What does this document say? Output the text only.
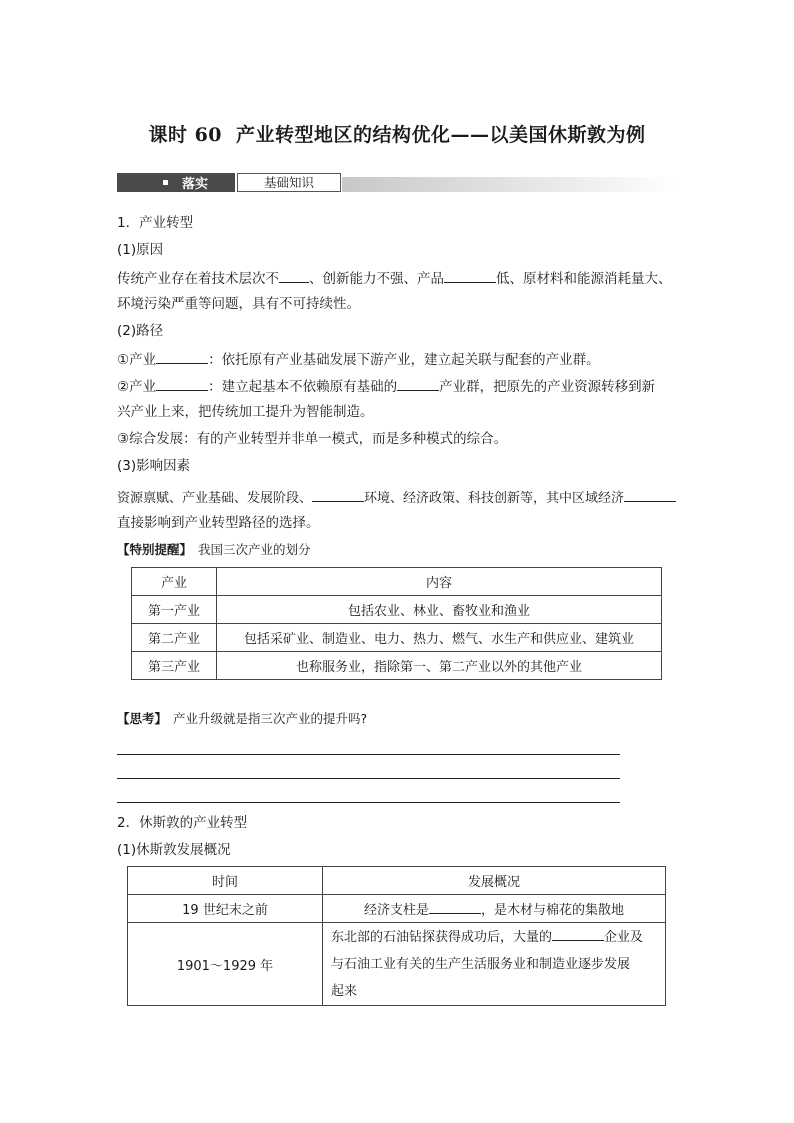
课时 60 产业转型地区的结构优化——以美国休斯敦为例
落实	基础知识
1．产业转型
(1)原因
传统产业存在着技术层次不 、创新能力不强、产品	低、原材料和能源消耗量大、
环境污染严重等问题，具有不可持续性。
(2)路径
①产业	：依托原有产业基础发展下游产业，建立起关联与配套的产业群。
②产业	：建立起基本不依赖原有基础的	产业群，把原先的产业资源转移到新
兴产业上来，把传统加工提升为智能制造。
③综合发展：有的产业转型并非单一模式，而是多种模式的综合。
(3)影响因素
资源禀赋、产业基础、发展阶段、	环境、经济政策、科技创新等，其中区域经济
直接影响到产业转型路径的选择。
【特别提醒】 我国三次产业的划分
产业	内容
第一产业	包括农业、林业、畜牧业和渔业
第二产业	包括采矿业、制造业、电力、热力、燃气、水生产和供应业、建筑业
第三产业	也称服务业，指除第一、第二产业以外的其他产业
【思考】 产业升级就是指三次产业的提升吗?
2．休斯敦的产业转型
(1)休斯敦发展概况
时间	发展概况
19 世纪末之前	经济支柱是 ，是木材与棉花的集散地
1901～1929 年	东北部的石油钻探获得成功后，大量的 企业及
与石油工业有关的生产生活服务业和制造业逐步发展
起来
